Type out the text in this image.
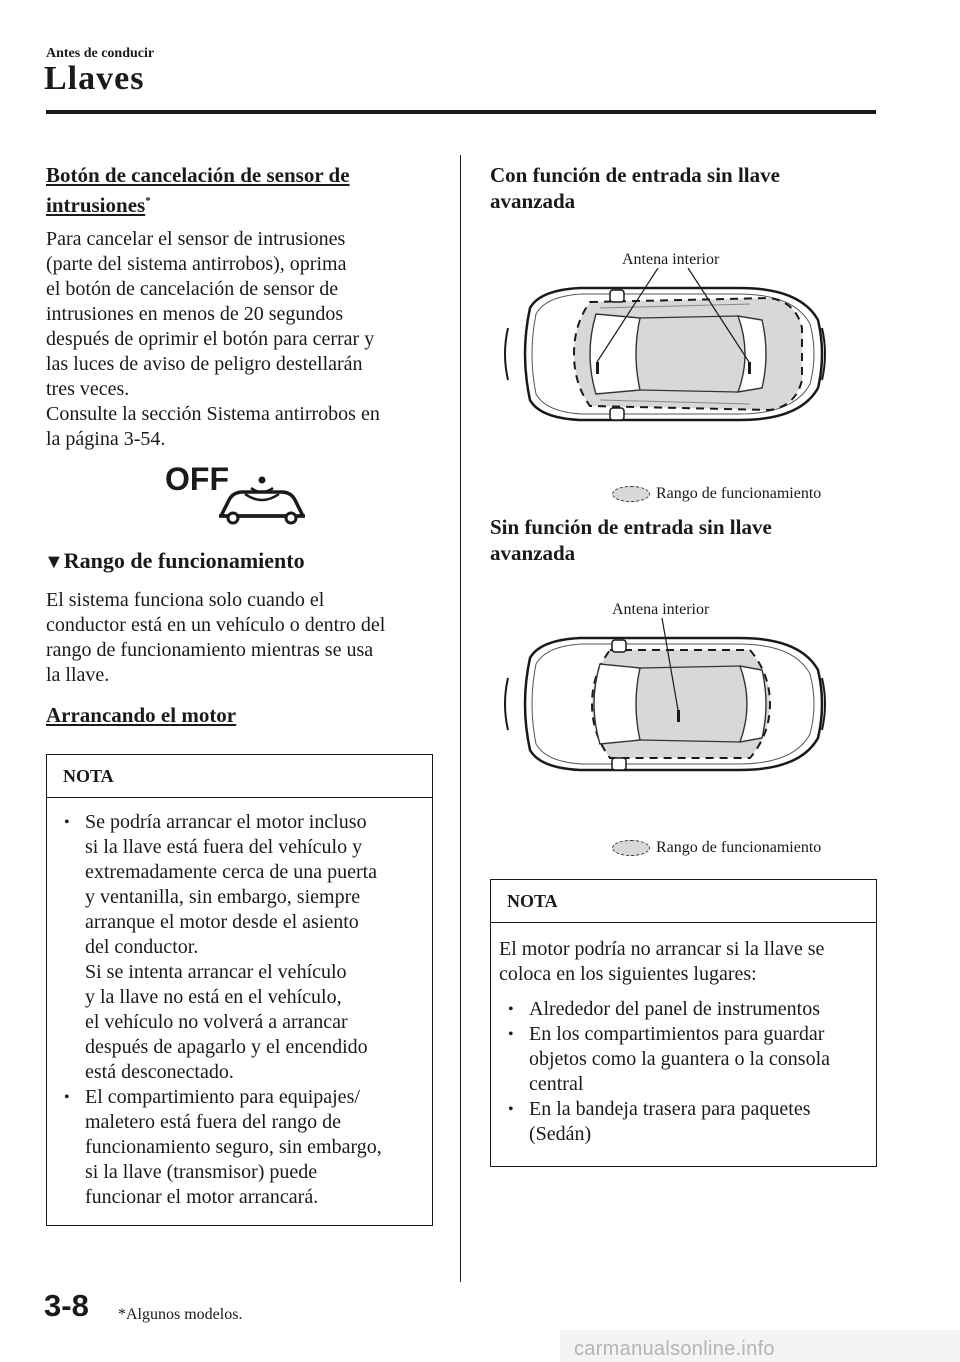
Antes de conducir
Llaves
Botón de cancelación de sensor de
intrusiones*

Para cancelar el sensor de intrusiones

(parte del sistema antirrobos), oprima

el botón de cancelación de sensor de

intrusiones en menos de 20 segundos

después de oprimir el botón para cerrar y

las luces de aviso de peligro destellarán

tres veces.

Consulte la sección Sistema antirrobos en

la página 3-54.

OFF
▼Rango de funcionamiento

El sistema funciona solo cuando el

conductor está en un vehículo o dentro del

rango de funcionamiento mientras se usa

la llave.

Arrancando el motor
NOTA
• Se podría arrancar el motor incluso
si la llave está fuera del vehículo y
extremadamente cerca de una puerta
y ventanilla, sin embargo, siempre
arranque el motor desde el asiento
del conductor.
Si se intenta arrancar el vehículo
y la llave no está en el vehículo,
el vehículo no volverá a arrancar
después de apagarlo y el encendido
está desconectado.
• El compartimiento para equipajes/
maletero está fuera del rango de
funcionamiento seguro, sin embargo,
si la llave (transmisor) puede
funcionar el motor arrancará.
Con función de entrada sin llave
avanzada
Antena interior
Rango de funcionamiento
Sin función de entrada sin llave
avanzada
Antena interior
Rango de funcionamiento
NOTA

El motor podría no arrancar si la llave se
coloca en los siguientes lugares:

• Alrededor del panel de instrumentos
• En los compartimientos para guardar
objetos como la guantera o la consola
central
• En la bandeja trasera para paquetes
(Sedán)
3-8 *Algunos modelos.
carmanualsonline.info
